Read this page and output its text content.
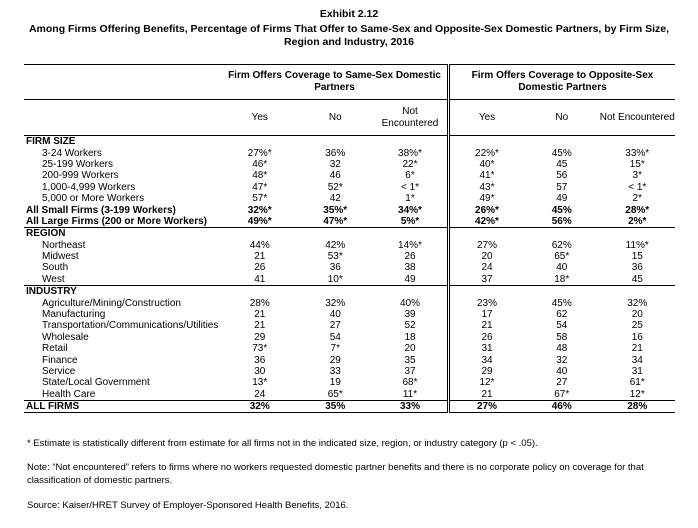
Exhibit 2.12
Among Firms Offering Benefits, Percentage of Firms That Offer to Same-Sex and Opposite-Sex Domestic Partners, by Firm Size, Region and Industry, 2016
	Firm Offers Coverage to Same-Sex Domestic Partners			Firm Offers Coverage to Opposite-Sex Domestic Partners		
	Yes	No	Not Encountered	Yes	No	Not Encountered
FIRM SIZE						
3-24 Workers	27%*	36%	38%*	22%*	45%	33%*
25-199 Workers	46*	32	22*	40*	45	15*
200-999 Workers	48*	46	6*	41*	56	3*
1,000-4,999 Workers	47*	52*	< 1*	43*	57	< 1*
5,000 or More Workers	57*	42	1*	49*	49	2*
All Small Firms (3-199 Workers)	32%*	35%*	34%*	26%*	45%	28%*
All Large Firms (200 or More Workers)	49%*	47%*	5%*	42%*	56%	2%*
REGION						
Northeast	44%	42%	14%*	27%	62%	11%*
Midwest	21	53*	26	20	65*	15
South	26	36	38	24	40	36
West	41	10*	49	37	18*	45
INDUSTRY						
Agriculture/Mining/Construction	28%	32%	40%	23%	45%	32%
Manufacturing	21	40	39	17	62	20
Transportation/Communications/Utilities	21	27	52	21	54	25
Wholesale	29	54	18	26	58	16
Retail	73*	7*	20	31	48	21
Finance	36	29	35	34	32	34
Service	30	33	37	29	40	31
State/Local Government	13*	19	68*	12*	27	61*
Health Care	24	65*	11*	21	67*	12*
ALL FIRMS	32%	35%	33%	27%	46%	28%
* Estimate is statistically different from estimate for all firms not in the indicated size, region, or industry category (p < .05).
Note: “Not encountered” refers to firms where no workers requested domestic partner benefits and there is no corporate policy on coverage for that classification of domestic partners.
Source: Kaiser/HRET Survey of Employer-Sponsored Health Benefits, 2016.
